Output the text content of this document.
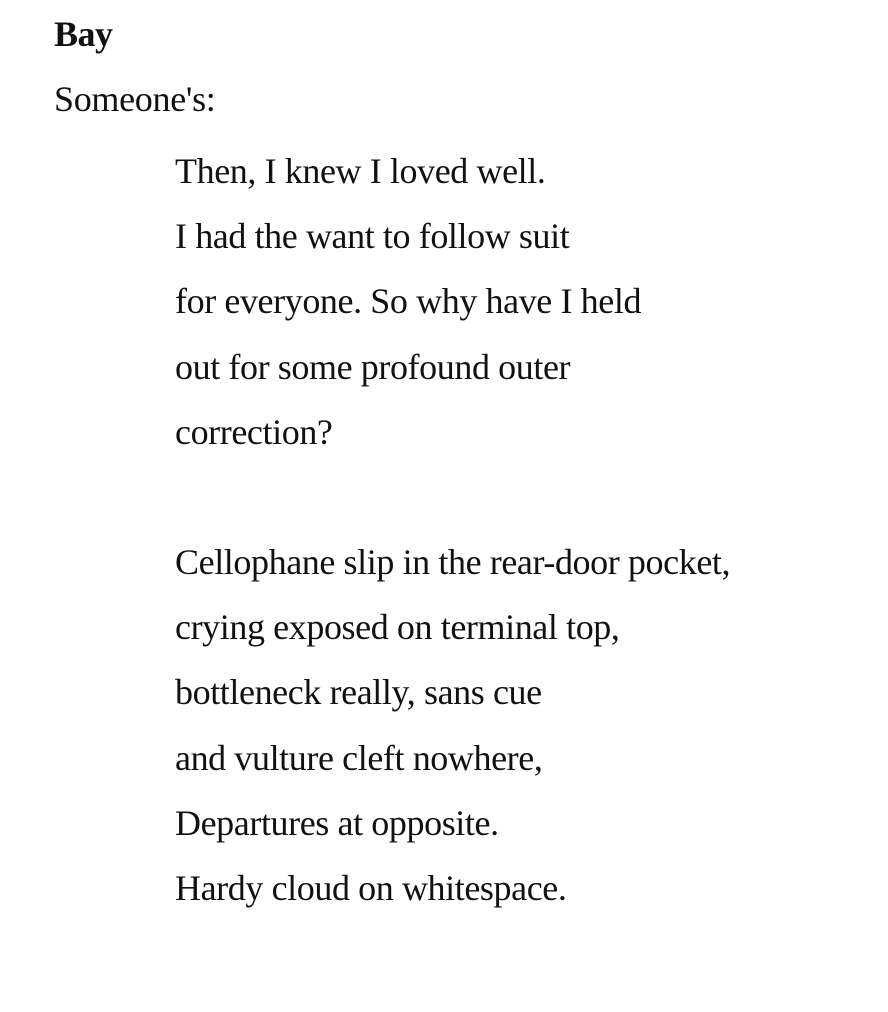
Bay
Someone's:
Then, I knew I loved well.
I had the want to follow suit
for everyone. So why have I held
out for some profound outer
correction?
Cellophane slip in the rear-door pocket,
crying exposed on terminal top,
bottleneck really, sans cue
and vulture cleft nowhere,
Departures at opposite.
Hardy cloud on whitespace.
